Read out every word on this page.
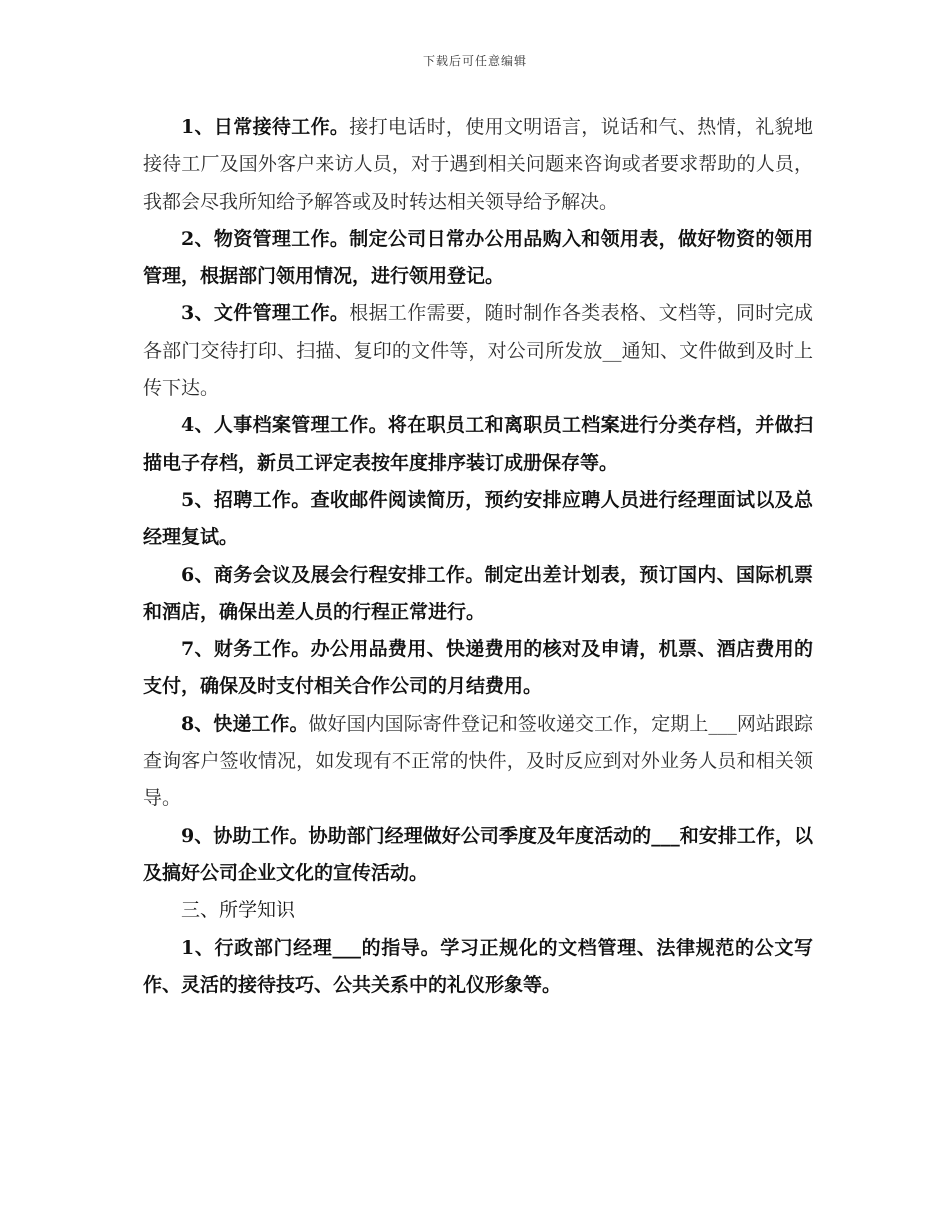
下载后可任意编辑

1、日常接待工作。接打电话时，使用文明语言，说话和气、热情，礼貌地接待工厂及国外客户来访人员，对于遇到相关问题来咨询或者要求帮助的人员，我都会尽我所知给予解答或及时转达相关领导给予解决。

2、物资管理工作。制定公司日常办公用品购入和领用表，做好物资的领用管理，根据部门领用情况，进行领用登记。

3、文件管理工作。根据工作需要，随时制作各类表格、文档等，同时完成各部门交待打印、扫描、复印的文件等，对公司所发放__通知、文件做到及时上传下达。

4、人事档案管理工作。将在职员工和离职员工档案进行分类存档，并做扫描电子存档，新员工评定表按年度排序装订成册保存等。

5、招聘工作。查收邮件阅读简历，预约安排应聘人员进行经理面试以及总经理复试。

6、商务会议及展会行程安排工作。制定出差计划表，预订国内、国际机票和酒店，确保出差人员的行程正常进行。

7、财务工作。办公用品费用、快递费用的核对及申请，机票、酒店费用的支付，确保及时支付相关合作公司的月结费用。

8、快递工作。做好国内国际寄件登记和签收递交工作，定期上___网站跟踪查询客户签收情况，如发现有不正常的快件，及时反应到对外业务人员和相关领导。

9、协助工作。协助部门经理做好公司季度及年度活动的___和安排工作，以及搞好公司企业文化的宣传活动。

三、所学知识

1、行政部门经理___的指导。学习正规化的文档管理、法律规范的公文写作、灵活的接待技巧、公共关系中的礼仪形象等。
